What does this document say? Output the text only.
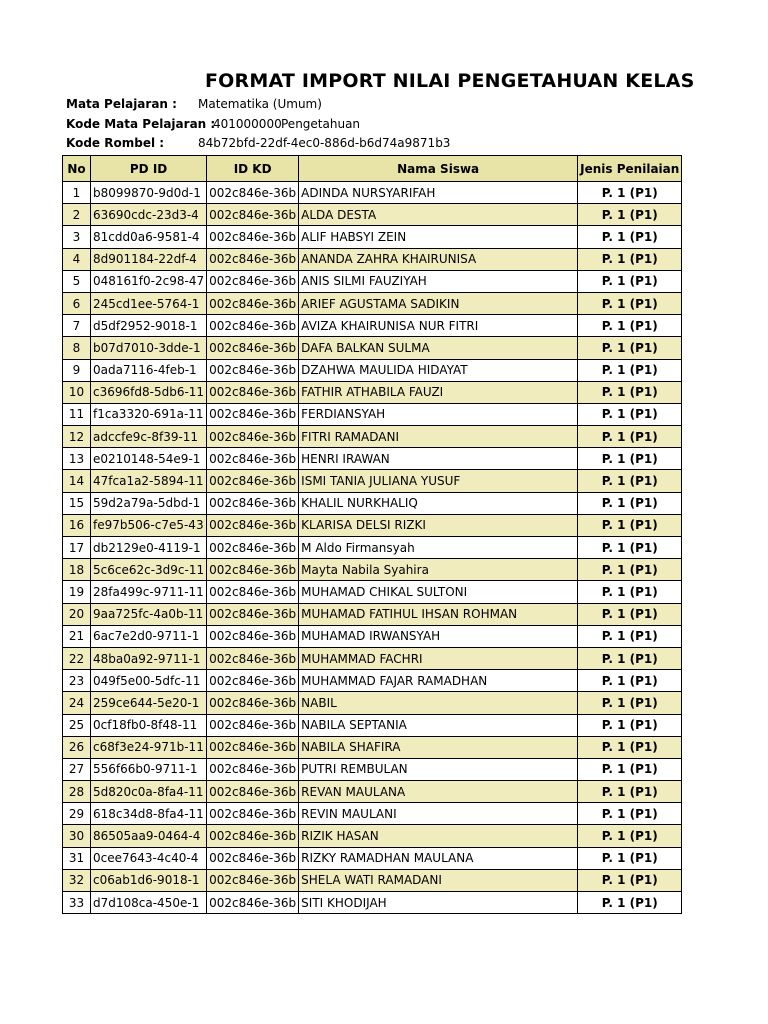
FORMAT IMPORT NILAI PENGETAHUAN KELAS
Mata Pelajaran : Matematika (Umum)
Kode Mata Pelajaran :
401000000 Pengetahuan
Kode Rombel :	84b72bfd-22df-4ec0-886d-b6d74a9871b3
No	PD ID	ID KD	Nama Siswa	Jenis Penilaian
1	b8099870-9d0d-1	002c846e-36b	ADINDA NURSYARIFAH	P. 1 (P1)
2	63690cdc-23d3-4	002c846e-36b	ALDA DESTA	P. 1 (P1)
3	81cdd0a6-9581-4	002c846e-36b	ALIF HABSYI ZEIN	P. 1 (P1)
4	8d901184-22df-4	002c846e-36b	ANANDA ZAHRA KHAIRUNISA	P. 1 (P1)
5	048161f0-2c98-47	002c846e-36b	ANIS SILMI FAUZIYAH	P. 1 (P1)
6	245cd1ee-5764-1	002c846e-36b	ARIEF AGUSTAMA SADIKIN	P. 1 (P1)
7	d5df2952-9018-1	002c846e-36b	AVIZA KHAIRUNISA NUR FITRI	P. 1 (P1)
8	b07d7010-3dde-1	002c846e-36b	DAFA BALKAN SULMA	P. 1 (P1)
9	0ada7116-4feb-1	002c846e-36b	DZAHWA MAULIDA HIDAYAT	P. 1 (P1)
10	c3696fd8-5db6-11	002c846e-36b	FATHIR ATHABILA FAUZI	P. 1 (P1)
11	f1ca3320-691a-11	002c846e-36b	FERDIANSYAH	P. 1 (P1)
12	adccfe9c-8f39-11	002c846e-36b	FITRI RAMADANI	P. 1 (P1)
13	e0210148-54e9-1	002c846e-36b	HENRI IRAWAN	P. 1 (P1)
14	47fca1a2-5894-11	002c846e-36b	ISMI TANIA JULIANA YUSUF	P. 1 (P1)
15	59d2a79a-5dbd-1	002c846e-36b	KHALIL NURKHALIQ	P. 1 (P1)
16	fe97b506-c7e5-43	002c846e-36b	KLARISA DELSI RIZKI	P. 1 (P1)
17	db2129e0-4119-1	002c846e-36b	M Aldo Firmansyah	P. 1 (P1)
18	5c6ce62c-3d9c-11	002c846e-36b	Mayta Nabila Syahira	P. 1 (P1)
19	28fa499c-9711-11	002c846e-36b	MUHAMAD CHIKAL SULTONI	P. 1 (P1)
20	9aa725fc-4a0b-11	002c846e-36b	MUHAMAD FATIHUL IHSAN ROHMAN	P. 1 (P1)
21	6ac7e2d0-9711-1	002c846e-36b	MUHAMAD IRWANSYAH	P. 1 (P1)
22	48ba0a92-9711-1	002c846e-36b	MUHAMMAD FACHRI	P. 1 (P1)
23	049f5e00-5dfc-11	002c846e-36b	MUHAMMAD FAJAR RAMADHAN	P. 1 (P1)
24	259ce644-5e20-1	002c846e-36b	NABIL	P. 1 (P1)
25	0cf18fb0-8f48-11	002c846e-36b	NABILA SEPTANIA	P. 1 (P1)
26	c68f3e24-971b-11	002c846e-36b	NABILA SHAFIRA	P. 1 (P1)
27	556f66b0-9711-1	002c846e-36b	PUTRI REMBULAN	P. 1 (P1)
28	5d820c0a-8fa4-11	002c846e-36b	REVAN MAULANA	P. 1 (P1)
29	618c34d8-8fa4-11	002c846e-36b	REVIN MAULANI	P. 1 (P1)
30	86505aa9-0464-4	002c846e-36b	RIZIK HASAN	P. 1 (P1)
31	0cee7643-4c40-4	002c846e-36b	RIZKY RAMADHAN MAULANA	P. 1 (P1)
32	c06ab1d6-9018-1	002c846e-36b	SHELA WATI RAMADANI	P. 1 (P1)
33	d7d108ca-450e-1	002c846e-36b	SITI KHODIJAH	P. 1 (P1)
